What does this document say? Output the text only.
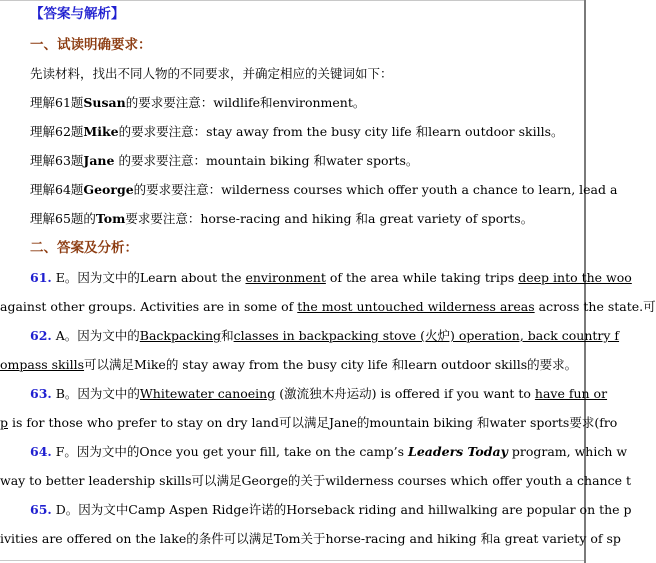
【答案与解析】
一、试读明确要求：
先读材料，找出不同人物的不同要求，并确定相应的关键词如下：
理解61题Susan的要求要注意：wildlife和environment。
理解62题Mike的要求要注意：stay away from the busy city life 和learn outdoor skills。
理解63题Jane 的要求要注意：mountain biking 和water sports。
理解64题George的要求要注意：wilderness courses which offer youth a chance to learn, lead a
理解65题的Tom要求要注意：horse-racing and hiking 和a great variety of sports。
二、答案及分析：
61. E。因为文中的Learn about the environment of the area while taking trips deep into the woo
against other groups. Activities are in some of the most untouched wilderness areas across the state.可
62. A。因为文中的Backpacking和classes in backpacking stove (火炉) operation, back country f
ompass skills可以满足Mike的 stay away from the busy city life 和learn outdoor skills的要求。
63. B。因为文中的Whitewater canoeing (激流独木舟运动) is offered if you want to have fun or
p is for those who prefer to stay on dry land可以满足Jane的mountain biking 和water sports要求(fro
64. F。因为文中的Once you get your fill, take on the camp’s Leaders Today program, which w
way to better leadership skills可以满足George的关于wilderness courses which offer youth a chance t
65. D。因为文中Camp Aspen Ridge许诺的Horseback riding and hillwalking are popular on the p
ivities are offered on the lake的条件可以满足Tom关于horse-racing and hiking 和a great variety of sp
